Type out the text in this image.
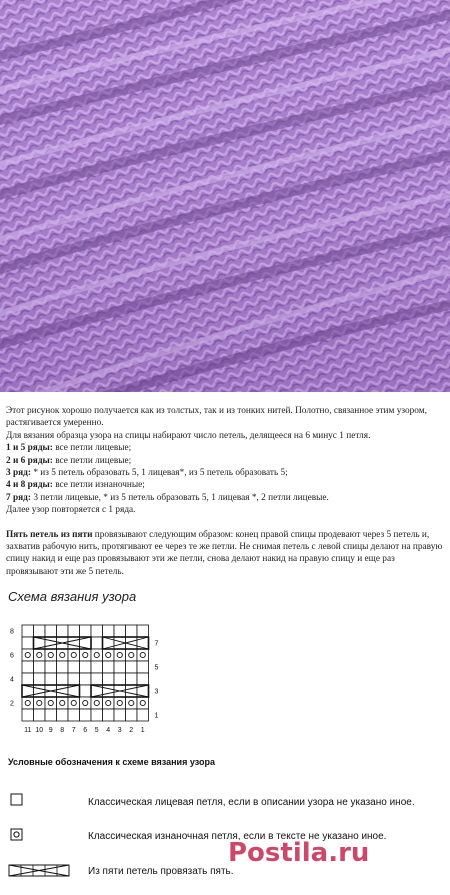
Этот рисунок хорошо получается как из толстых, так и из тонких нитей. Полотно, связанное этим узором, растягивается умеренно.

Для вязания образца узора на спицы набирают число петель, делящееся на 6 минус 1 петля.

1 и 5 ряды: все петли лицевые;

2 и 6 ряды: все петли лицевые;

3 ряд: * из 5 петель образовать 5, 1 лицевая*, из 5 петель образовать 5;

4 и 8 ряды: все петли изнаночные;

7 ряд: 3 петли лицевые, * из 5 петель образовать 5, 1 лицевая *, 2 петли лицевые.

Далее узор повторяется с 1 ряда.

Пять петель из пяти провязывают следующим образом: конец правой спицы продевают через 5 петель и, захватив рабочую нить, протягивают ее через те же петли. Не снимая петель с левой спицы делают на правую спицу накид и еще раз провязывают эти же петли, снова делают накид на правую спицу и еще раз провязывают эти же 5 петель.

Схема вязания узора
8
6
4
2
7
5
3
1
11 10 9 8 7 6 5 4 3 2 1
Условные обозначения к схеме вязания узора
Классическая лицевая петля, если в описании узора не указано иное.
Классическая изнаночная петля, если в тексте не указано иное.
Из пяти петель провязать пять.
Postila.ru
